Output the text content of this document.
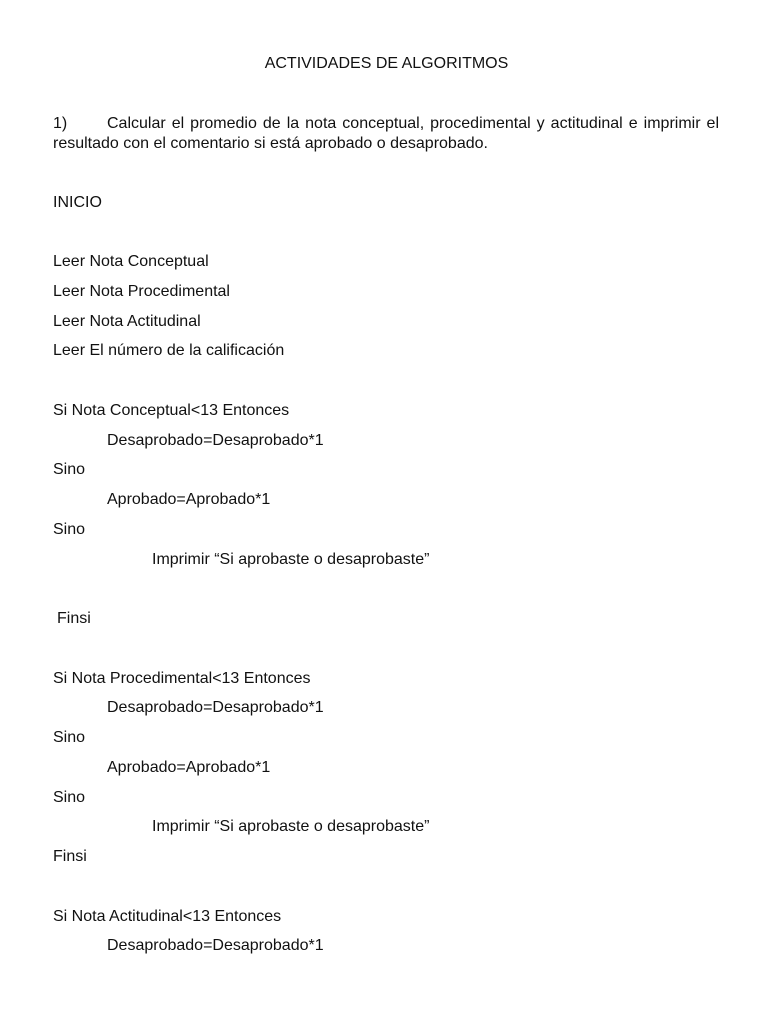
ACTIVIDADES DE ALGORITMOS
1) Calcular el promedio de la nota conceptual, procedimental y actitudinal e imprimir el
resultado con el comentario si está aprobado o desaprobado.

INICIO

Leer Nota Conceptual

Leer Nota Procedimental

Leer Nota Actitudinal

Leer El número de la calificación

Si Nota Conceptual<13 Entonces

Desaprobado=Desaprobado*1

Sino

Aprobado=Aprobado*1

Sino

Imprimir “Si aprobaste o desaprobaste”

Finsi

Si Nota Procedimental<13 Entonces

Desaprobado=Desaprobado*1

Sino

Aprobado=Aprobado*1

Sino

Imprimir “Si aprobaste o desaprobaste”

Finsi

Si Nota Actitudinal<13 Entonces

Desaprobado=Desaprobado*1
